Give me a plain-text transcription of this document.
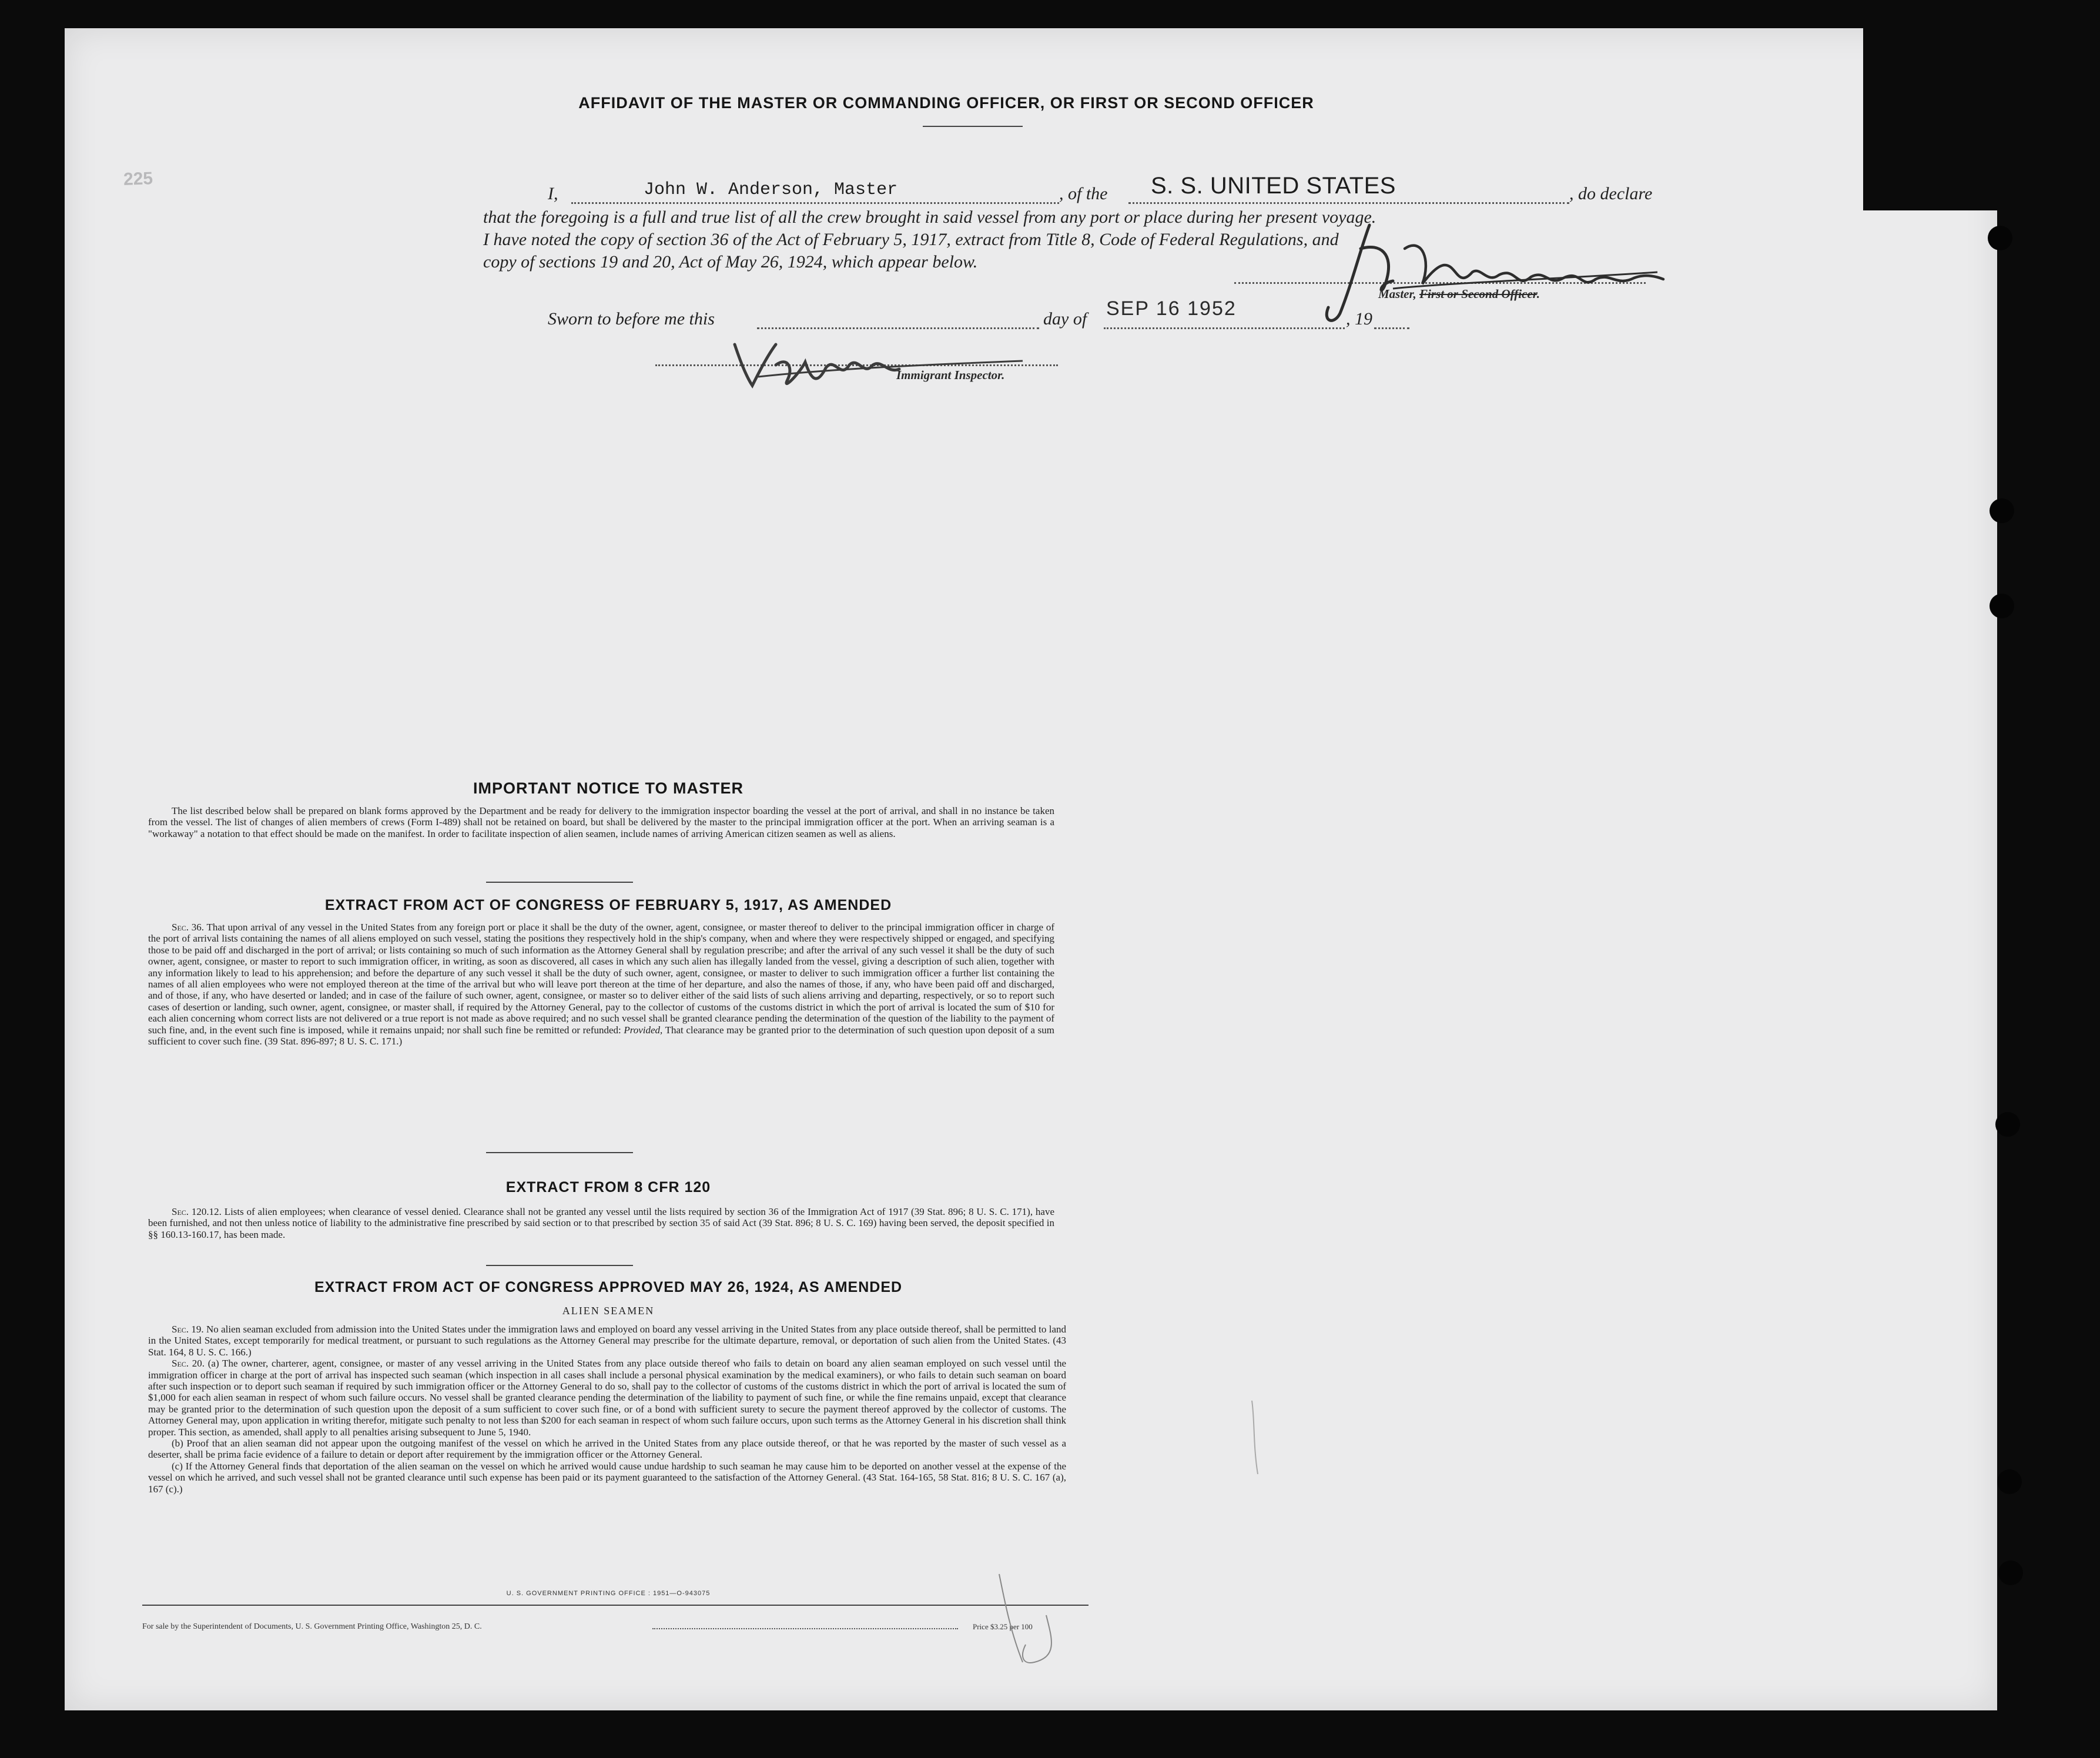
225
AFFIDAVIT OF THE MASTER OR COMMANDING OFFICER, OR FIRST OR SECOND OFFICER
I,	John W. Anderson, Master	, of the S. S. UNITED STATES	, do declare
that the foregoing is a full and true list of all the crew brought in said vessel from any port or place during her present voyage.
I have noted the copy of section 36 of the Act of February 5, 1917, extract from Title 8, Code of Federal Regulations, and
copy of sections 19 and 20, Act of May 26, 1924, which appear below.
Master, First or Second Officer.
Sworn to before me this	day of SEP 16 1952	, 19
Immigrant Inspector.
IMPORTANT NOTICE TO MASTER

The list described below shall be prepared on blank forms approved by the Department and be ready for delivery to the immigration inspector boarding the vessel at the port of arrival, and shall in no instance be taken from the vessel. The list of changes of alien members of crews (Form I-489) shall not be retained on board, but shall be delivered by the master to the principal immigration officer at the port. When an arriving seaman is a "workaway" a notation to that effect should be made on the manifest. In order to facilitate inspection of alien seamen, include names of arriving American citizen seamen as well as aliens.

EXTRACT FROM ACT OF CONGRESS OF FEBRUARY 5, 1917, AS AMENDED

Sec. 36. That upon arrival of any vessel in the United States from any foreign port or place it shall be the duty of the owner, agent, consignee, or master thereof to deliver to the principal immigration officer in charge of the port of arrival lists containing the names of all aliens employed on such vessel, stating the positions they respectively hold in the ship's company, when and where they were respectively shipped or engaged, and specifying those to be paid off and discharged in the port of arrival; or lists containing so much of such information as the Attorney General shall by regulation prescribe; and after the arrival of any such vessel it shall be the duty of such owner, agent, consignee, or master to report to such immigration officer, in writing, as soon as discovered, all cases in which any such alien has illegally landed from the vessel, giving a description of such alien, together with any information likely to lead to his apprehension; and before the departure of any such vessel it shall be the duty of such owner, agent, consignee, or master to deliver to such immigration officer a further list containing the names of all alien employees who were not employed thereon at the time of the arrival but who will leave port thereon at the time of her departure, and also the names of those, if any, who have been paid off and discharged, and of those, if any, who have deserted or landed; and in case of the failure of such owner, agent, consignee, or master so to deliver either of the said lists of such aliens arriving and departing, respectively, or so to report such cases of desertion or landing, such owner, agent, consignee, or master shall, if required by the Attorney General, pay to the collector of customs of the customs district in which the port of arrival is located the sum of $10 for each alien concerning whom correct lists are not delivered or a true report is not made as above required; and no such vessel shall be granted clearance pending the determination of the question of the liability to the payment of such fine, and, in the event such fine is imposed, while it remains unpaid; nor shall such fine be remitted or refunded: Provided, That clearance may be granted prior to the determination of such question upon deposit of a sum sufficient to cover such fine. (39 Stat. 896-897; 8 U. S. C. 171.)

EXTRACT FROM 8 CFR 120

Sec. 120.12. Lists of alien employees; when clearance of vessel denied. Clearance shall not be granted any vessel until the lists required by section 36 of the Immigration Act of 1917 (39 Stat. 896; 8 U. S. C. 171), have been furnished, and not then unless notice of liability to the administrative fine prescribed by said section or to that prescribed by section 35 of said Act (39 Stat. 896; 8 U. S. C. 169) having been served, the deposit specified in §§ 160.13-160.17, has been made.

EXTRACT FROM ACT OF CONGRESS APPROVED MAY 26, 1924, AS AMENDED
ALIEN SEAMEN

Sec. 19. No alien seaman excluded from admission into the United States under the immigration laws and employed on board any vessel arriving in the United States from any place outside thereof, shall be permitted to land in the United States, except temporarily for medical treatment, or pursuant to such regulations as the Attorney General may prescribe for the ultimate departure, removal, or deportation of such alien from the United States. (43 Stat. 164, 8 U. S. C. 166.)

Sec. 20. (a) The owner, charterer, agent, consignee, or master of any vessel arriving in the United States from any place outside thereof who fails to detain on board any alien seaman employed on such vessel until the immigration officer in charge at the port of arrival has inspected such seaman (which inspection in all cases shall include a personal physical examination by the medical examiners), or who fails to detain such seaman on board after such inspection or to deport such seaman if required by such immigration officer or the Attorney General to do so, shall pay to the collector of customs of the customs district in which the port of arrival is located the sum of $1,000 for each alien seaman in respect of whom such failure occurs. No vessel shall be granted clearance pending the determination of the liability to payment of such fine, or while the fine remains unpaid, except that clearance may be granted prior to the determination of such question upon the deposit of a sum sufficient to cover such fine, or of a bond with sufficient surety to secure the payment thereof approved by the collector of customs. The Attorney General may, upon application in writing therefor, mitigate such penalty to not less than $200 for each seaman in respect of whom such failure occurs, upon such terms as the Attorney General in his discretion shall think proper. This section, as amended, shall apply to all penalties arising subsequent to June 5, 1940.

(b) Proof that an alien seaman did not appear upon the outgoing manifest of the vessel on which he arrived in the United States from any place outside thereof, or that he was reported by the master of such vessel as a deserter, shall be prima facie evidence of a failure to detain or deport after requirement by the immigration officer or the Attorney General.

(c) If the Attorney General finds that deportation of the alien seaman on the vessel on which he arrived would cause undue hardship to such seaman he may cause him to be deported on another vessel at the expense of the vessel on which he arrived, and such vessel shall not be granted clearance until such expense has been paid or its payment guaranteed to the satisfaction of the Attorney General. (43 Stat. 164-165, 58 Stat. 816; 8 U. S. C. 167 (a), 167 (c).)

U. S. GOVERNMENT PRINTING OFFICE : 1951—O-943075
For sale by the Superintendent of Documents, U. S. Government Printing Office, Washington 25, D. C.	Price $3.25 per 100
